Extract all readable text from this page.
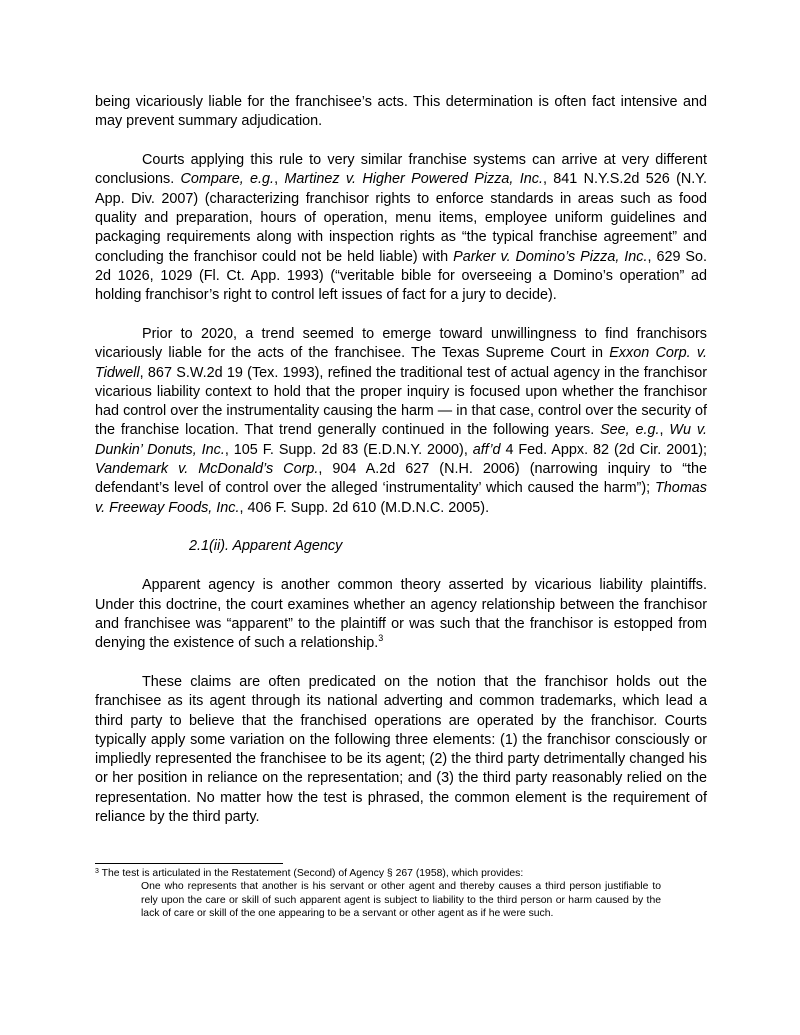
being vicariously liable for the franchisee’s acts. This determination is often fact intensive and may prevent summary adjudication.

Courts applying this rule to very similar franchise systems can arrive at very different conclusions. Compare, e.g., Martinez v. Higher Powered Pizza, Inc., 841 N.Y.S.2d 526 (N.Y. App. Div. 2007) (characterizing franchisor rights to enforce standards in areas such as food quality and preparation, hours of operation, menu items, employee uniform guidelines and packaging requirements along with inspection rights as “the typical franchise agreement” and concluding the franchisor could not be held liable) with Parker v. Domino’s Pizza, Inc., 629 So. 2d 1026, 1029 (Fl. Ct. App. 1993) (“veritable bible for overseeing a Domino’s operation” ad holding franchisor’s right to control left issues of fact for a jury to decide).

Prior to 2020, a trend seemed to emerge toward unwillingness to find franchisors vicariously liable for the acts of the franchisee. The Texas Supreme Court in Exxon Corp. v. Tidwell, 867 S.W.2d 19 (Tex. 1993), refined the traditional test of actual agency in the franchisor vicarious liability context to hold that the proper inquiry is focused upon whether the franchisor had control over the instrumentality causing the harm — in that case, control over the security of the franchise location. That trend generally continued in the following years. See, e.g., Wu v. Dunkin’ Donuts, Inc., 105 F. Supp. 2d 83 (E.D.N.Y. 2000), aff’d 4 Fed. Appx. 82 (2d Cir. 2001); Vandemark v. McDonald’s Corp., 904 A.2d 627 (N.H. 2006) (narrowing inquiry to “the defendant’s level of control over the alleged ‘instrumentality’ which caused the harm”); Thomas v. Freeway Foods, Inc., 406 F. Supp. 2d 610 (M.D.N.C. 2005).

2.1(ii). Apparent Agency

Apparent agency is another common theory asserted by vicarious liability plaintiffs. Under this doctrine, the court examines whether an agency relationship between the franchisor and franchisee was “apparent” to the plaintiff or was such that the franchisor is estopped from denying the existence of such a relationship.$^3$

These claims are often predicated on the notion that the franchisor holds out the franchisee as its agent through its national adverting and common trademarks, which lead a third party to believe that the franchised operations are operated by the franchisor. Courts typically apply some variation on the following three elements: (1) the franchisor consciously or impliedly represented the franchisee to be its agent; (2) the third party detrimentally changed his or her position in reliance on the representation; and (3) the third party reasonably relied on the representation. No matter how the test is phrased, the common element is the requirement of reliance by the third party.

$^3$ The test is articulated in the Restatement (Second) of Agency § 267 (1958), which provides:

One who represents that another is his servant or other agent and thereby causes a third person justifiable to rely upon the care or skill of such apparent agent is subject to liability to the third person or harm caused by the lack of care or skill of the one appearing to be a servant or other agent as if he were such.
